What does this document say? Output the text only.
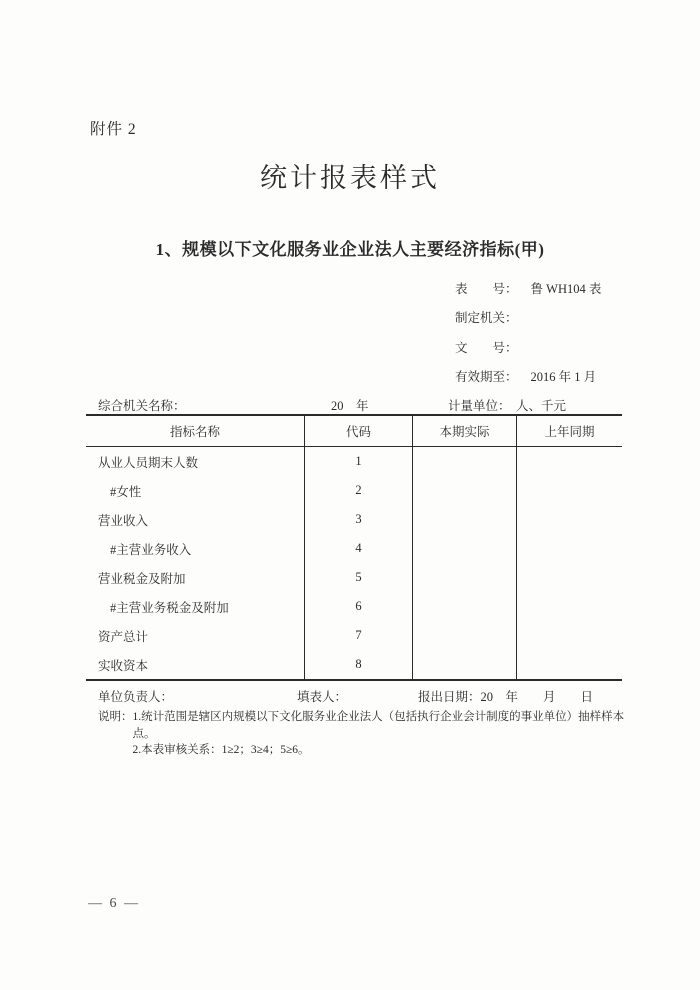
附件 2
统计报表样式
1、规模以下文化服务业企业法人主要经济指标(甲)
表　　号： 鲁 WH104 表
制定机关：
文　　号：
有效期至： 2016 年 1 月
综合机关名称：	20　年	计量单位： 人、千元
指标名称	代码	本期实际	上年同期
从业人员期末人数	1
#女性	2
营业收入	3
#主营业务收入	4
营业税金及附加	5
#主营业务税金及附加	6
资产总计	7
实收资本	8
单位负责人：	填表人：	报出日期：20　年　　月　　日
说明： 1.统计范围是辖区内规模以下文化服务业企业法人（包括执行企业会计制度的事业单位）抽样样本点。
2.本表审核关系：1≥2；3≥4；5≥6。
— 6 —
